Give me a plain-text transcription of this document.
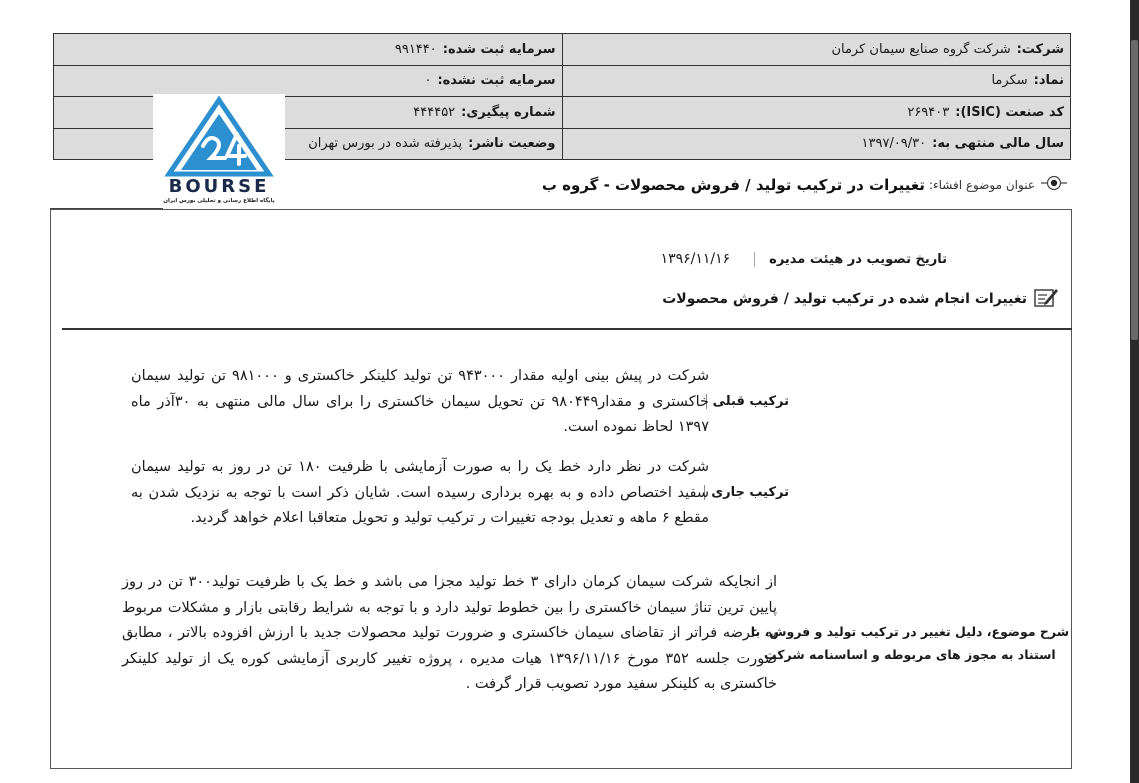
شرکت:شرکت گروه صنایع سیمان کرمان	سرمایه ثبت شده:۹۹۱۴۴۰
نماد:سکرما	سرمایه ثبت نشده:۰
کد صنعت (ISIC):۲۶۹۴۰۳	شماره پیگیری:۴۴۴۴۵۲
سال مالی منتهی به:۱۳۹۷/۰۹/۳۰	وضعیت ناشر:پذیرفته شده در بورس تهران
BOURSE
پایگاه اطلاع رسانی و تحلیلی بورس ایران
عنوان موضوع افشاء:
تغییرات در ترکیب تولید / فروش محصولات - گروه ب
تاریخ تصویب در هیئت مدیره
۱۳۹۶/۱۱/۱۶
تغییرات انجام شده در ترکیب تولید / فروش محصولات
ترکیب قبلی

شرکت در پیش بینی اولیه مقدار ۹۴۳۰۰۰ تن تولید کلینکر خاکستری و ۹۸۱۰۰۰ تن تولید سیمان خاکستری و مقدار۹۸۰۴۴۹ تن تحویل سیمان خاکستری را برای سال مالی منتهی به ۳۰آذر ماه ۱۳۹۷ لحاظ نموده است.

ترکیب جاری

شرکت در نظر دارد خط یک را به صورت آزمایشی با ظرفیت ۱۸۰ تن در روز به تولید سیمان سفید اختصاص داده و به بهره برداری رسیده است. شایان ذکر است با توجه به نزدیک شدن به مقطع ۶ ماهه و تعدیل بودجه تغییرات ر ترکیب تولید و تحویل متعاقبا اعلام خواهد گردید.

شرح موضوع، دلیل تغییر در ترکیب تولید و فروش، با
استناد به مجوز های مربوطه و اساسنامه شرکت

از انجایکه شرکت سیمان کرمان دارای ۳ خط تولید مجزا می باشد و خط یک با ظرفیت تولید۳۰۰ تن در روز پایین ترین تناژ سیمان خاکستری را بین خطوط تولید دارد و با توجه به شرایط رقابتی بازار و مشکلات مربوط به عرضه فراتر از تقاضای سیمان خاکستری و ضرورت تولید محصولات جدید با ارزش افزوده بالاتر ، مطابق صورت جلسه ۳۵۲ مورخ ۱۳۹۶/۱۱/۱۶ هیات مدیره ، پروژه تغییر کاربری آزمایشی کوره یک از تولید کلینکر خاکستری به کلینکر سفید مورد تصویب قرار گرفت .
